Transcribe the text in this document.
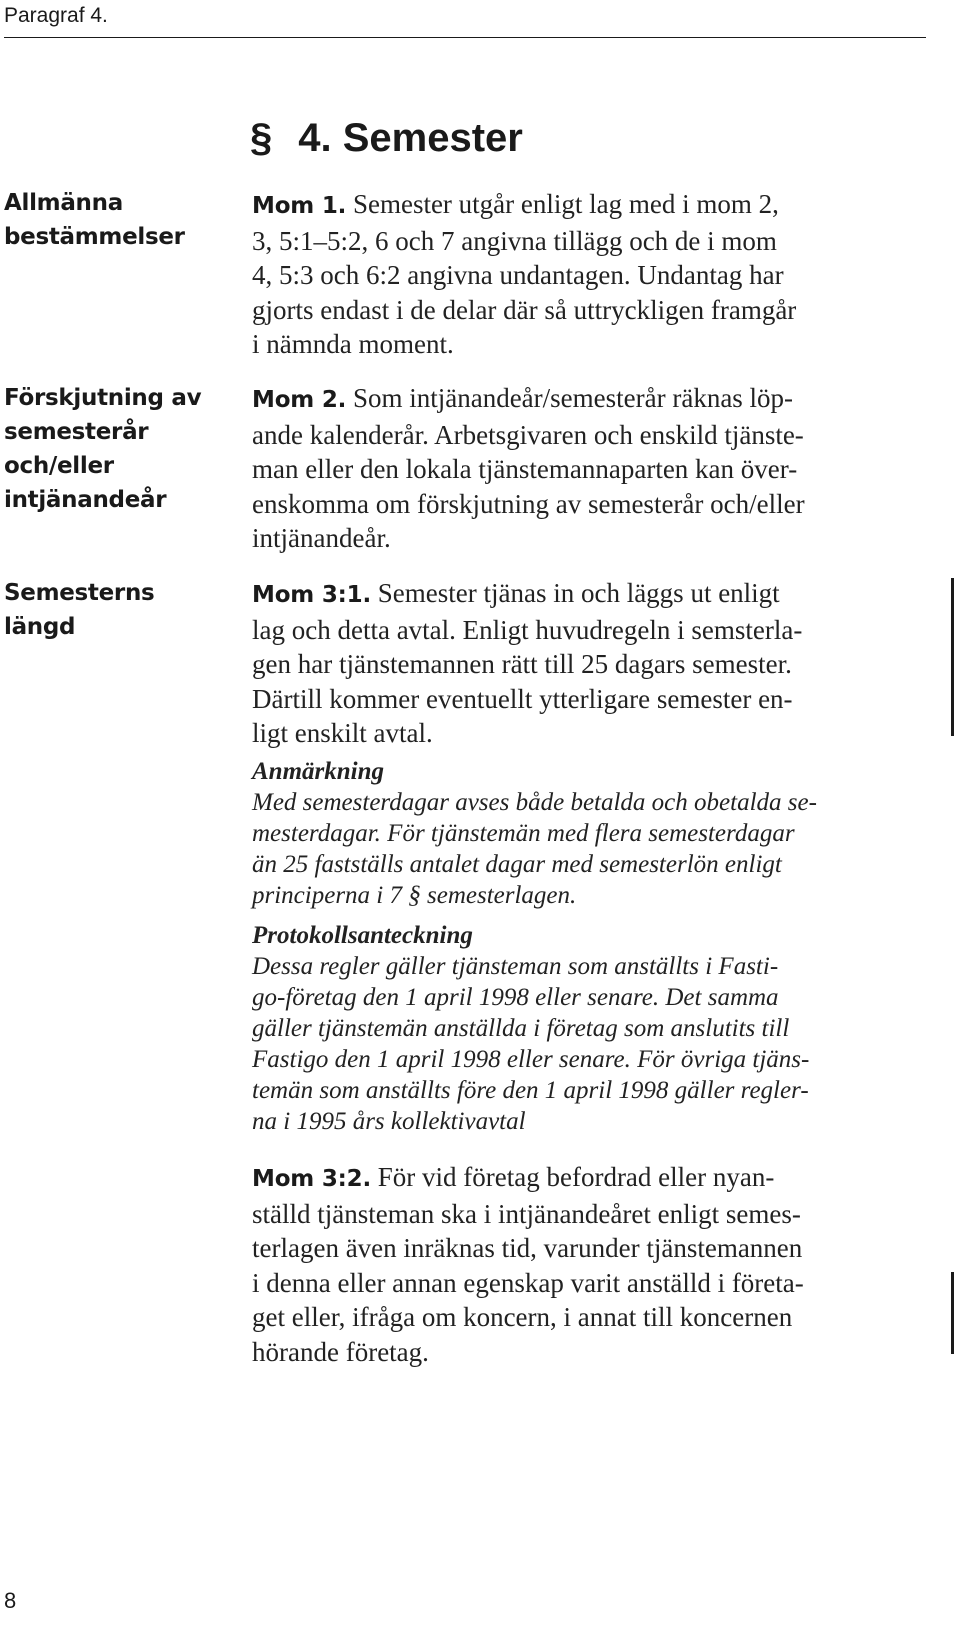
Paragraf 4.
§ 4. Semester
Allmänna
bestämmelser
Förskjutning av
semesterår
och/eller
intjänandeår
Semesterns
längd
Mom 1. Semester utgår enligt lag med i mom 2,
3, 5:1–5:2, 6 och 7 angivna tillägg och de i mom
4, 5:3 och 6:2 angivna undantagen. Undantag har
gjorts endast i de delar där så uttryckligen framgår
i nämnda moment.
Mom 2. Som intjänandeår/semesterår räknas löp-
ande kalenderår. Arbetsgivaren och enskild tjänste-
man eller den lokala tjänstemannaparten kan över-
enskomma om förskjutning av semesterår och/eller
intjänandeår.
Mom 3:1. Semester tjänas in och läggs ut enligt
lag och detta avtal. Enligt huvudregeln i semsterla-
gen har tjänstemannen rätt till 25 dagars semester.
Därtill kommer eventuellt ytterligare semester en-
ligt enskilt avtal.
Anmärkning
Med semesterdagar avses både betalda och obetalda se-
mesterdagar. För tjänstemän med flera semesterdagar
än 25 fastställs antalet dagar med semesterlön enligt
principerna i 7 § semesterlagen.
Protokollsanteckning
Dessa regler gäller tjänsteman som anställts i Fasti-
go-företag den 1 april 1998 eller senare. Det samma
gäller tjänstemän anställda i företag som anslutits till
Fastigo den 1 april 1998 eller senare. För övriga tjäns-
temän som anställts före den 1 april 1998 gäller regler-
na i 1995 års kollektivavtal
Mom 3:2. För vid företag befordrad eller nyan-
ställd tjänsteman ska i intjänandeåret enligt semes-
terlagen även inräknas tid, varunder tjänstemannen
i denna eller annan egenskap varit anställd i företa-
get eller, ifråga om koncern, i annat till koncernen
hörande företag.
8
